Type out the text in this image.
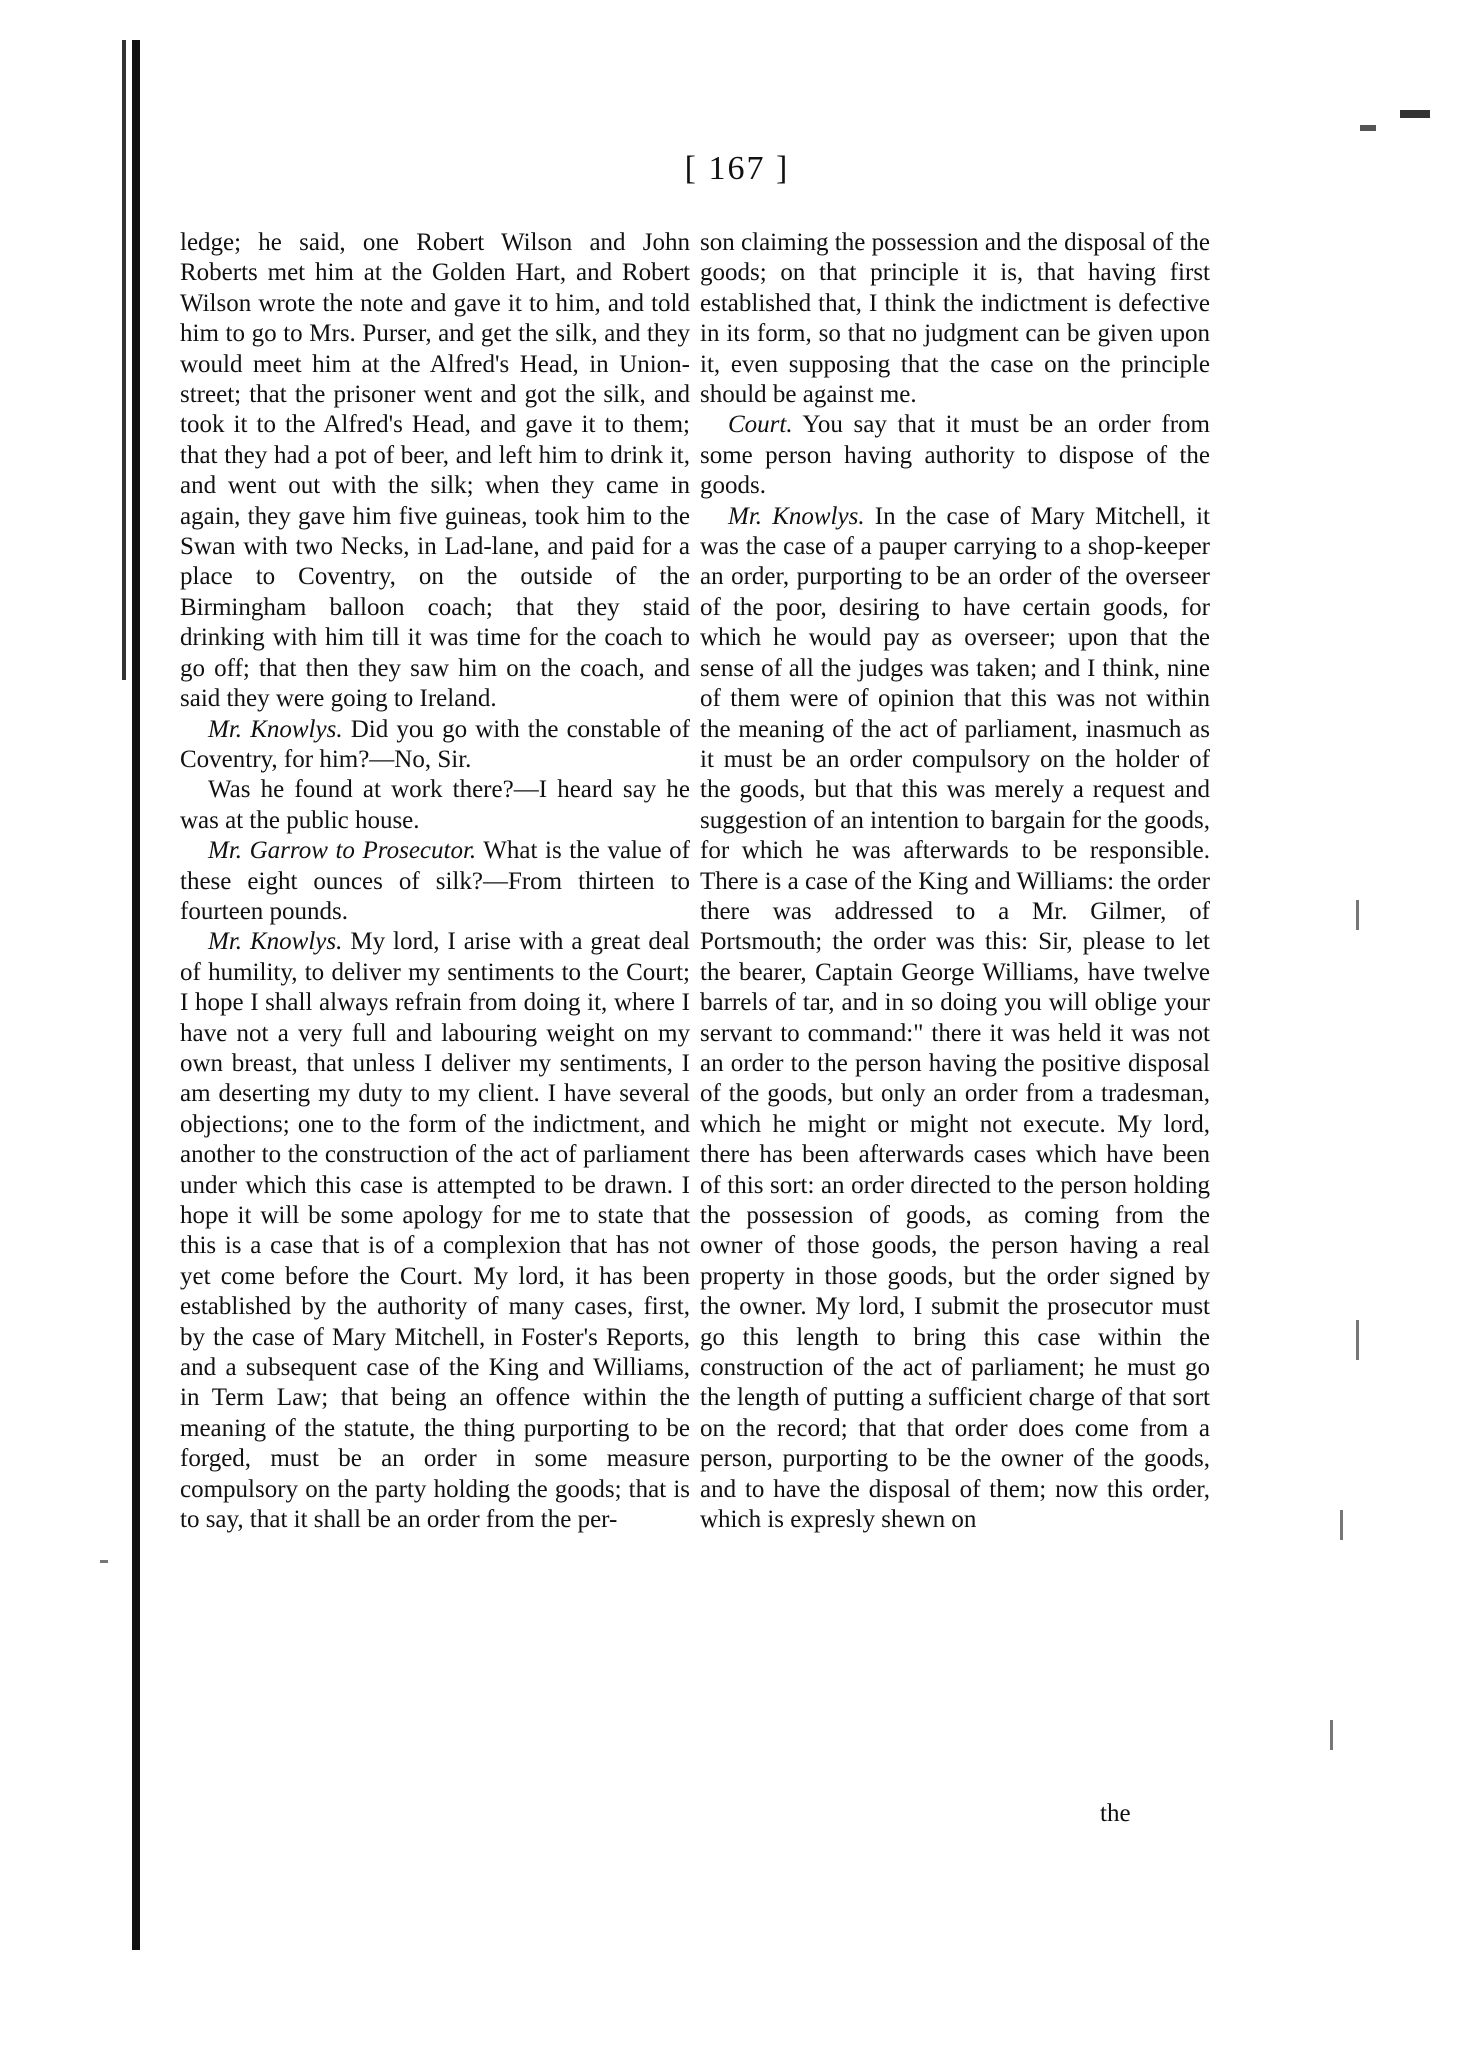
[ 167 ]

ledge; he said, one Robert Wilson and John Roberts met him at the Golden Hart, and Robert Wilson wrote the note and gave it to him, and told him to go to Mrs. Purser, and get the silk, and they would meet him at the Alfred's Head, in Union-street; that the prisoner went and got the silk, and took it to the Alfred's Head, and gave it to them; that they had a pot of beer, and left him to drink it, and went out with the silk; when they came in again, they gave him five guineas, took him to the Swan with two Necks, in Lad-lane, and paid for a place to Coventry, on the outside of the Birmingham balloon coach; that they staid drinking with him till it was time for the coach to go off; that then they saw him on the coach, and said they were going to Ireland.

Mr. Knowlys. Did you go with the constable of Coventry, for him?—No, Sir.

Was he found at work there?—I heard say he was at the public house.

Mr. Garrow to Prosecutor. What is the value of these eight ounces of silk?—From thirteen to fourteen pounds.

Mr. Knowlys. My lord, I arise with a great deal of humility, to deliver my sentiments to the Court; I hope I shall always refrain from doing it, where I have not a very full and labouring weight on my own breast, that unless I deliver my sentiments, I am deserting my duty to my client. I have several objections; one to the form of the indictment, and another to the construction of the act of parliament under which this case is attempted to be drawn. I hope it will be some apology for me to state that this is a case that is of a complexion that has not yet come before the Court. My lord, it has been established by the authority of many cases, first, by the case of Mary Mitchell, in Foster's Reports, and a subsequent case of the King and Williams, in Term Law; that being an offence within the meaning of the statute, the thing purporting to be forged, must be an order in some measure compulsory on the party holding the goods; that is to say, that it shall be an order from the per-

son claiming the possession and the disposal of the goods; on that principle it is, that having first established that, I think the indictment is defective in its form, so that no judgment can be given upon it, even supposing that the case on the principle should be against me.

Court. You say that it must be an order from some person having authority to dispose of the goods.

Mr. Knowlys. In the case of Mary Mitchell, it was the case of a pauper carrying to a shop-keeper an order, purporting to be an order of the overseer of the poor, desiring to have certain goods, for which he would pay as overseer; upon that the sense of all the judges was taken; and I think, nine of them were of opinion that this was not within the meaning of the act of parliament, inasmuch as it must be an order compulsory on the holder of the goods, but that this was merely a request and suggestion of an intention to bargain for the goods, for which he was afterwards to be responsible. There is a case of the King and Williams: the order there was addressed to a Mr. Gilmer, of Portsmouth; the order was this: Sir, please to let the bearer, Captain George Williams, have twelve barrels of tar, and in so doing you will oblige your servant to command:" there it was held it was not an order to the person having the positive disposal of the goods, but only an order from a tradesman, which he might or might not execute. My lord, there has been afterwards cases which have been of this sort: an order directed to the person holding the possession of goods, as coming from the owner of those goods, the person having a real property in those goods, but the order signed by the owner. My lord, I submit the prosecutor must go this length to bring this case within the construction of the act of parliament; he must go the length of putting a sufficient charge of that sort on the record; that that order does come from a person, purporting to be the owner of the goods, and to have the disposal of them; now this order, which is expresly shewn on

the
